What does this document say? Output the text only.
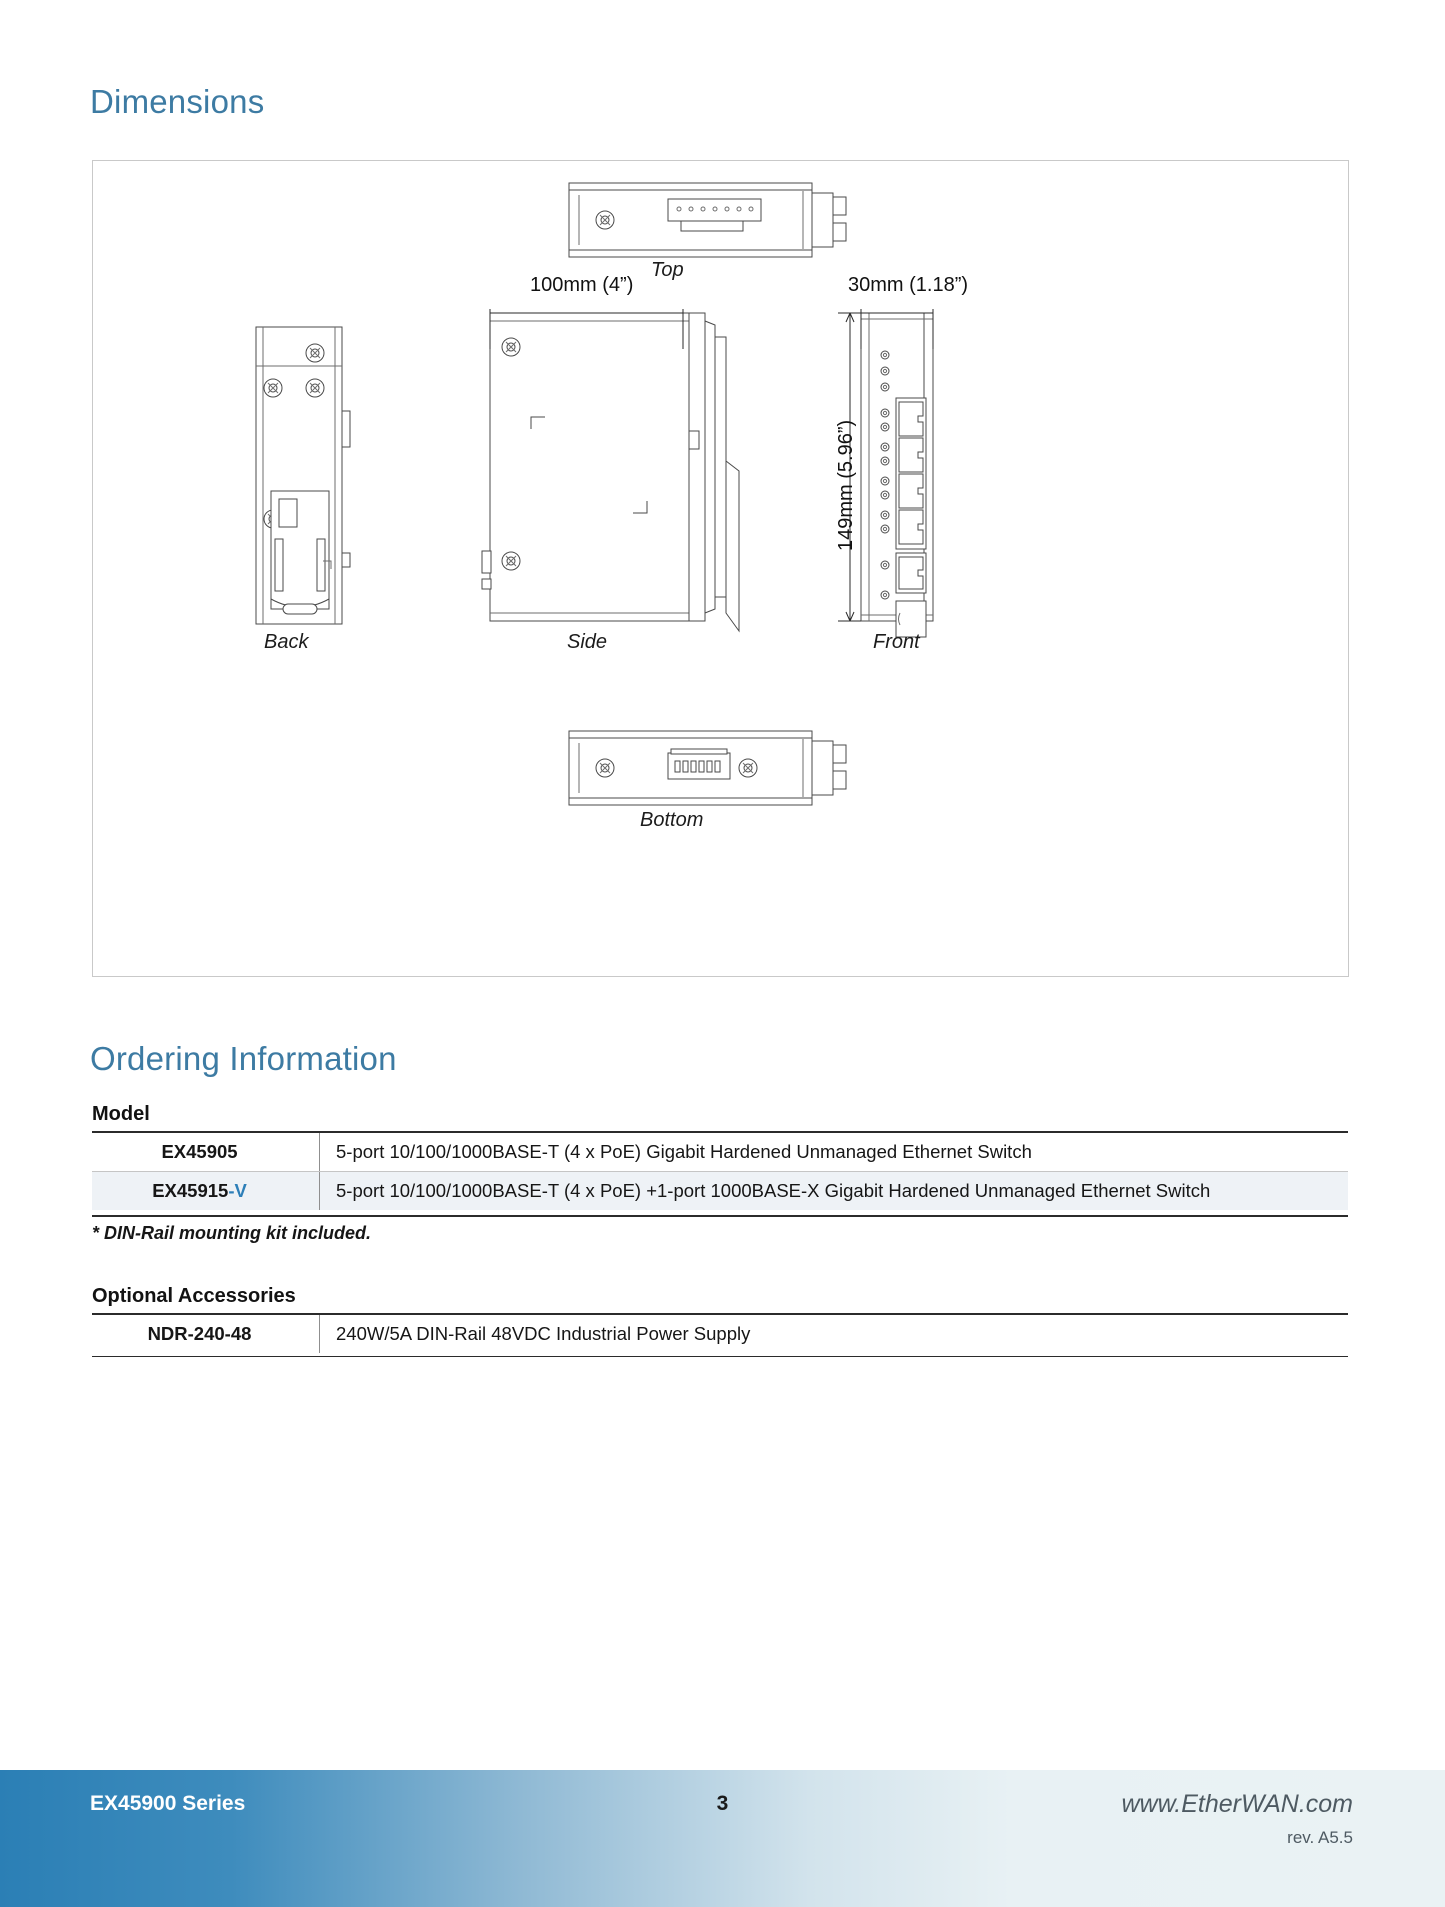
Dimensions
100mm (4”)	30mm (1.18”)
149mm (5.96”)
Top
Back	Side	Front
Bottom
Ordering Information
Model
EX45905	5-port 10/100/1000BASE-T (4 x PoE) Gigabit Hardened Unmanaged Ethernet Switch
EX45915-V	5-port 10/100/1000BASE-T (4 x PoE) +1-port 1000BASE-X Gigabit Hardened Unmanaged Ethernet Switch
* DIN-Rail mounting kit included.
Optional Accessories
NDR-240-48	240W/5A DIN-Rail 48VDC Industrial Power Supply
EX45900 Series	3	www.EtherWAN.com
rev. A5.5
